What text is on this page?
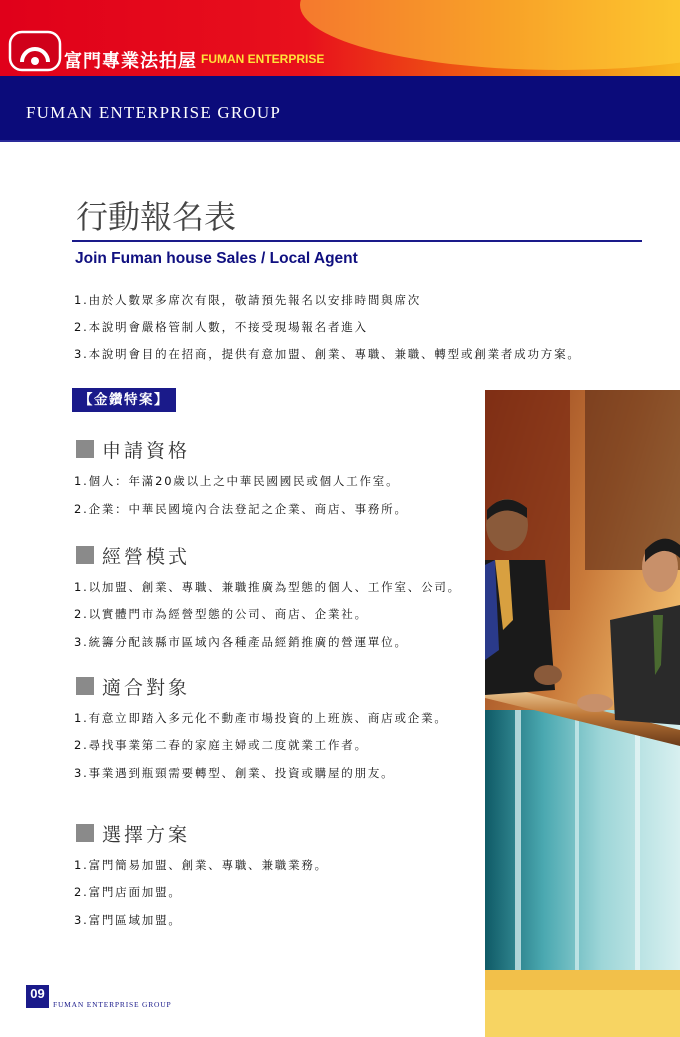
富門專業法拍屋 FUMAN ENTERPRISE
FUMAN ENTERPRISE GROUP
行動報名表
Join Fuman house Sales / Local Agent
1.由於人數眾多席次有限，敬請預先報名以安排時間與席次
2.本說明會嚴格管制人數，不接受現場報名者進入
3.本說明會目的在招商，提供有意加盟、創業、專職、兼職、轉型或創業者成功方案。
【金鑽特案】
申請資格
1.個人：年滿20歲以上之中華民國國民或個人工作室。
2.企業：中華民國境內合法登記之企業、商店、事務所。
經營模式
1.以加盟、創業、專職、兼職推廣為型態的個人、工作室、公司。
2.以實體門市為經營型態的公司、商店、企業社。
3.統籌分配該縣市區域內各種產品經銷推廣的營運單位。
適合對象
1.有意立即踏入多元化不動產市場投資的上班族、商店或企業。
2.尋找事業第二春的家庭主婦或二度就業工作者。
3.事業遇到瓶頸需要轉型、創業、投資或購屋的朋友。
選擇方案
1.富門簡易加盟、創業、專職、兼職業務。
2.富門店面加盟。
3.富門區域加盟。
09
FUMAN ENTERPRISE GROUP
